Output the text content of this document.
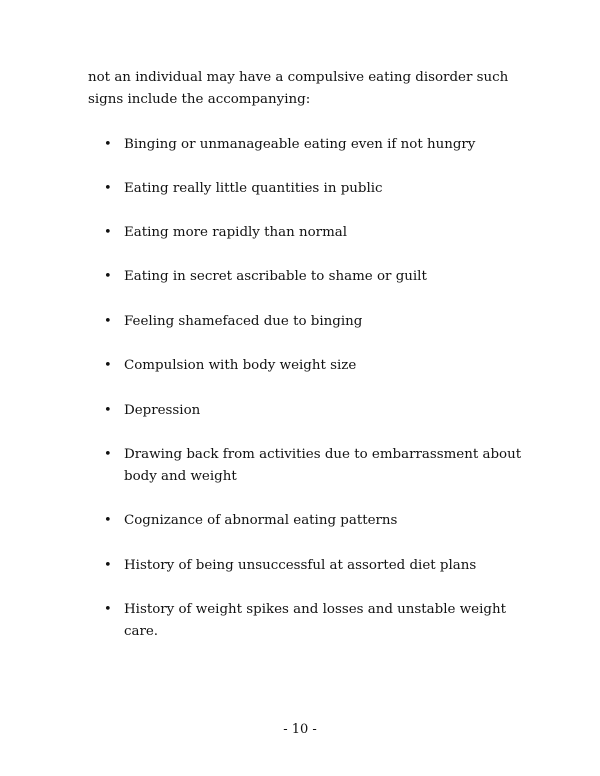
not an individual may have a compulsive eating disorder such signs include the accompanying:

• Binging or unmanageable eating even if not hungry
• Eating really little quantities in public
• Eating more rapidly than normal
• Eating in secret ascribable to shame or guilt
• Feeling shamefaced due to binging
• Compulsion with body weight size
• Depression
• Drawing back from activities due to embarrassment about body and weight
• Cognizance of abnormal eating patterns
• History of being unsuccessful at assorted diet plans
• History of weight spikes and losses and unstable weight care.
- 10 -
